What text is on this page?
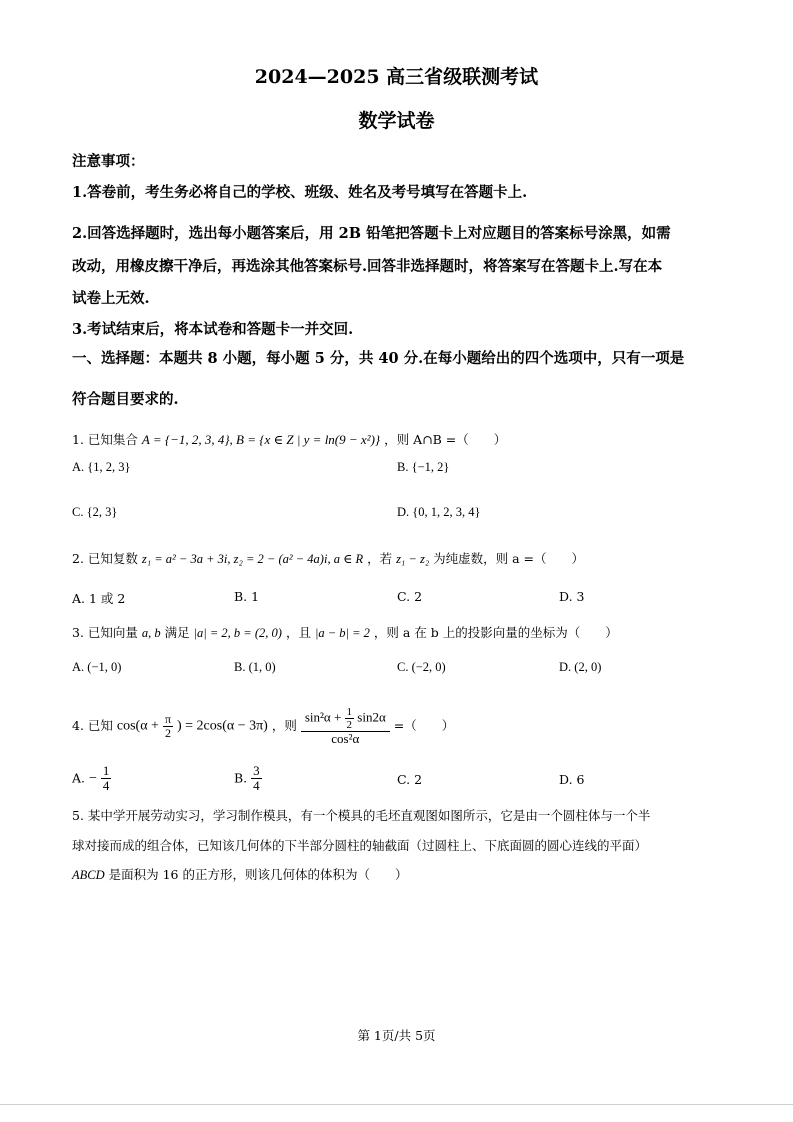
2024—2025 高三省级联测考试
数学试卷
注意事项：
1.答卷前，考生务必将自己的学校、班级、姓名及考号填写在答题卡上.
2.回答选择题时，选出每小题答案后，用 2B 铅笔把答题卡上对应题目的答案标号涂黑，如需
改动，用橡皮擦干净后，再选涂其他答案标号.回答非选择题时，将答案写在答题卡上.写在本
试卷上无效.
3.考试结束后，将本试卷和答题卡一并交回.
一、选择题：本题共 8 小题，每小题 5 分，共 40 分.在每小题给出的四个选项中，只有一项是
符合题目要求的.
1. 已知集合 A = {−1, 2, 3, 4}, B = {x ∈ Z | y = ln(9 − x²)} ，则 A∩B =（　　）
A. {1, 2, 3}	B. {−1, 2}
C. {2, 3}	D. {0, 1, 2, 3, 4}
2. 已知复数 z₁ = a² − 3a + 3i, z₂ = 2 − (a² − 4a)i, a ∈ R ，若 z₁ − z₂ 为纯虚数，则 a =（　　）
A. 1 或 2	B. 1	C. 2	D. 3
3. 已知向量 a, b 满足 |a| = 2, b = (2, 0) ，且 |a − b| = 2 ，则 a 在 b 上的投影向量的坐标为（　　）
A. (−1, 0)	B. (1, 0)	C. (−2, 0)	D. (2, 0)
4. 已知 $\cos(\alpha + \frac{\pi}{2}$ ) = 2cos(α − 3π) ，则 $\frac{\sin^2\alpha + \frac{1}{2} \sin 2\alpha}{\text{cos²α}}$ =（　　）
A. − $\frac{1}{4}$	B. $\frac{3}{4}$	C. 2	D. 6
5. 某中学开展劳动实习，学习制作模具，有一个模具的毛坯直观图如图所示，它是由一个圆柱体与一个半
球对接而成的组合体，已知该几何体的下半部分圆柱的轴截面（过圆柱上、下底面圆的圆心连线的平面）
ABCD 是面积为 16 的正方形，则该几何体的体积为（　　）
第 1页/共 5页
